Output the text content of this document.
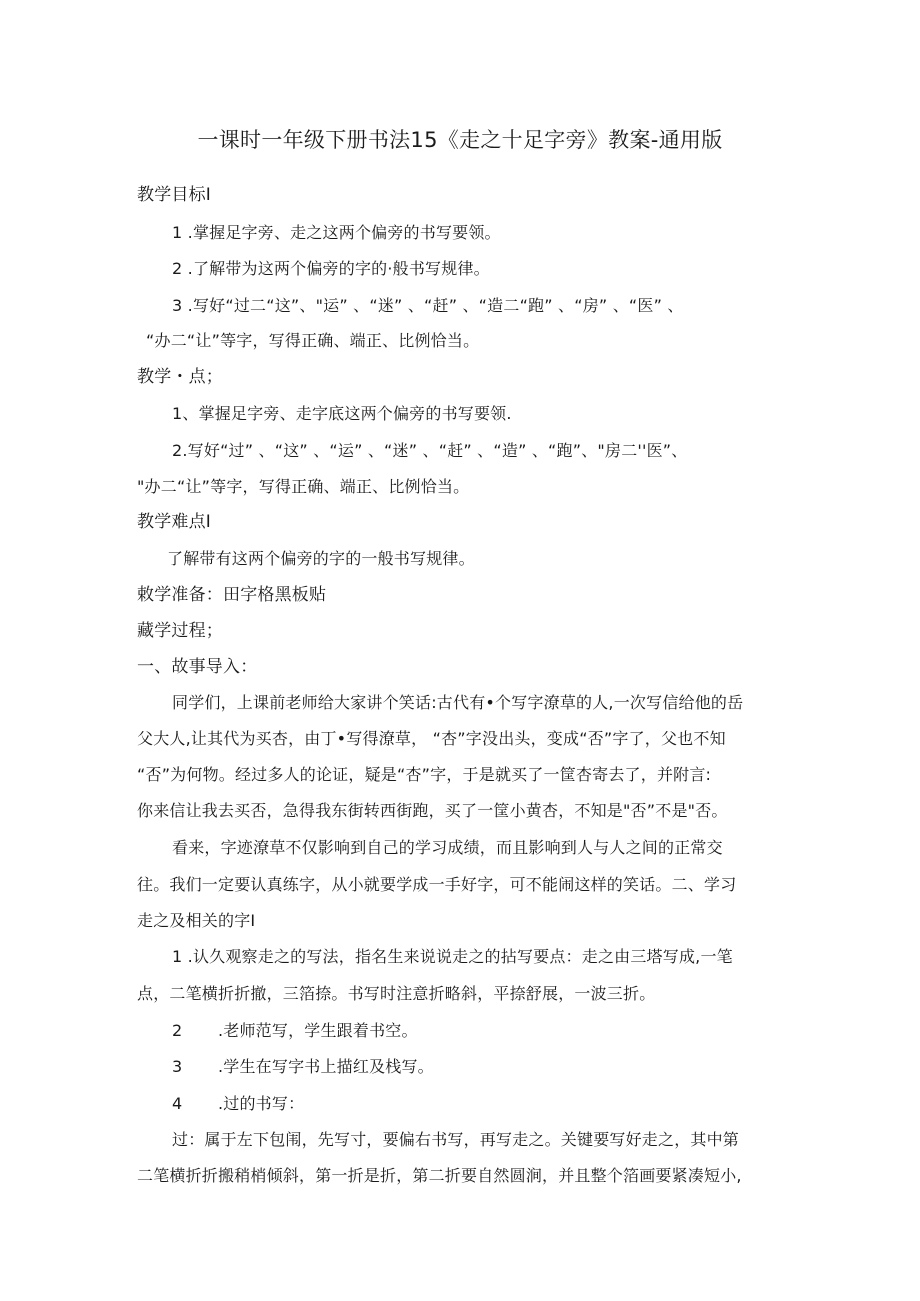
一课时一年级下册书法15《走之十足字旁》教案-通用版
教学目标I
1 .掌握足字旁、走之这两个偏旁的书写要领。
2 .了解带为这两个偏旁的字的·般书写规律。
3 .写好“过二“这”、"运” 、“迷” 、“赶” 、“造二“跑” 、“房” 、“医” 、
“办二“让”等字，写得正确、端正、比例恰当。
教学・点；
1、掌握足字旁、走字底这两个偏旁的书写要领.
2.写好“过” 、“这” 、“运” 、“迷” 、“赶” 、“造” 、“跑”、"房二''医”、
"办二“让”等字，写得正确、端正、比例恰当。
教学难点I
了解带有这两个偏旁的字的一般书写规律。
敕学准备：田字格黑板贴
藏学过程；
一、故事导入：
同学们，上课前老师给大家讲个笑话:古代有•个写字潦草的人,一次写信给他的岳
父大人,让其代为买杏，由丁•写得潦草， “杏”字没出头，变成“否”字了，父也不知
“否”为何物。经过多人的论证，疑是“杏”字，于是就买了一筐杏寄去了，并附言:
你来信让我去买否，急得我东街转西街跑，买了一筐小黄杏，不知是"否”不是"否。
看来，字迹潦草不仅影响到自己的学习成绩，而且影响到人与人之间的正常交
往。我们一定要认真练字，从小就要学成一手好字，可不能闹这样的笑话。二、学习
走之及相关的字I
1 .认久观察走之的写法，指名生来说说走之的拈写要点：走之由三塔写成,一笔
点，二笔横折折撤，三箔捺。书写时注意折略斜，平捺舒展，一波三折。
2 .老师范写，学生跟着书空。
3 .学生在写字书上描红及栈写。
4 .过的书写：
过：属于左下包闱，先写寸，要偏右书写，再写走之。关键要写好走之，其中第
二笔横折折搬稍梢倾斜，第一折是折，第二折要自然圆涧，并且整个箔画要紧凑短小,
